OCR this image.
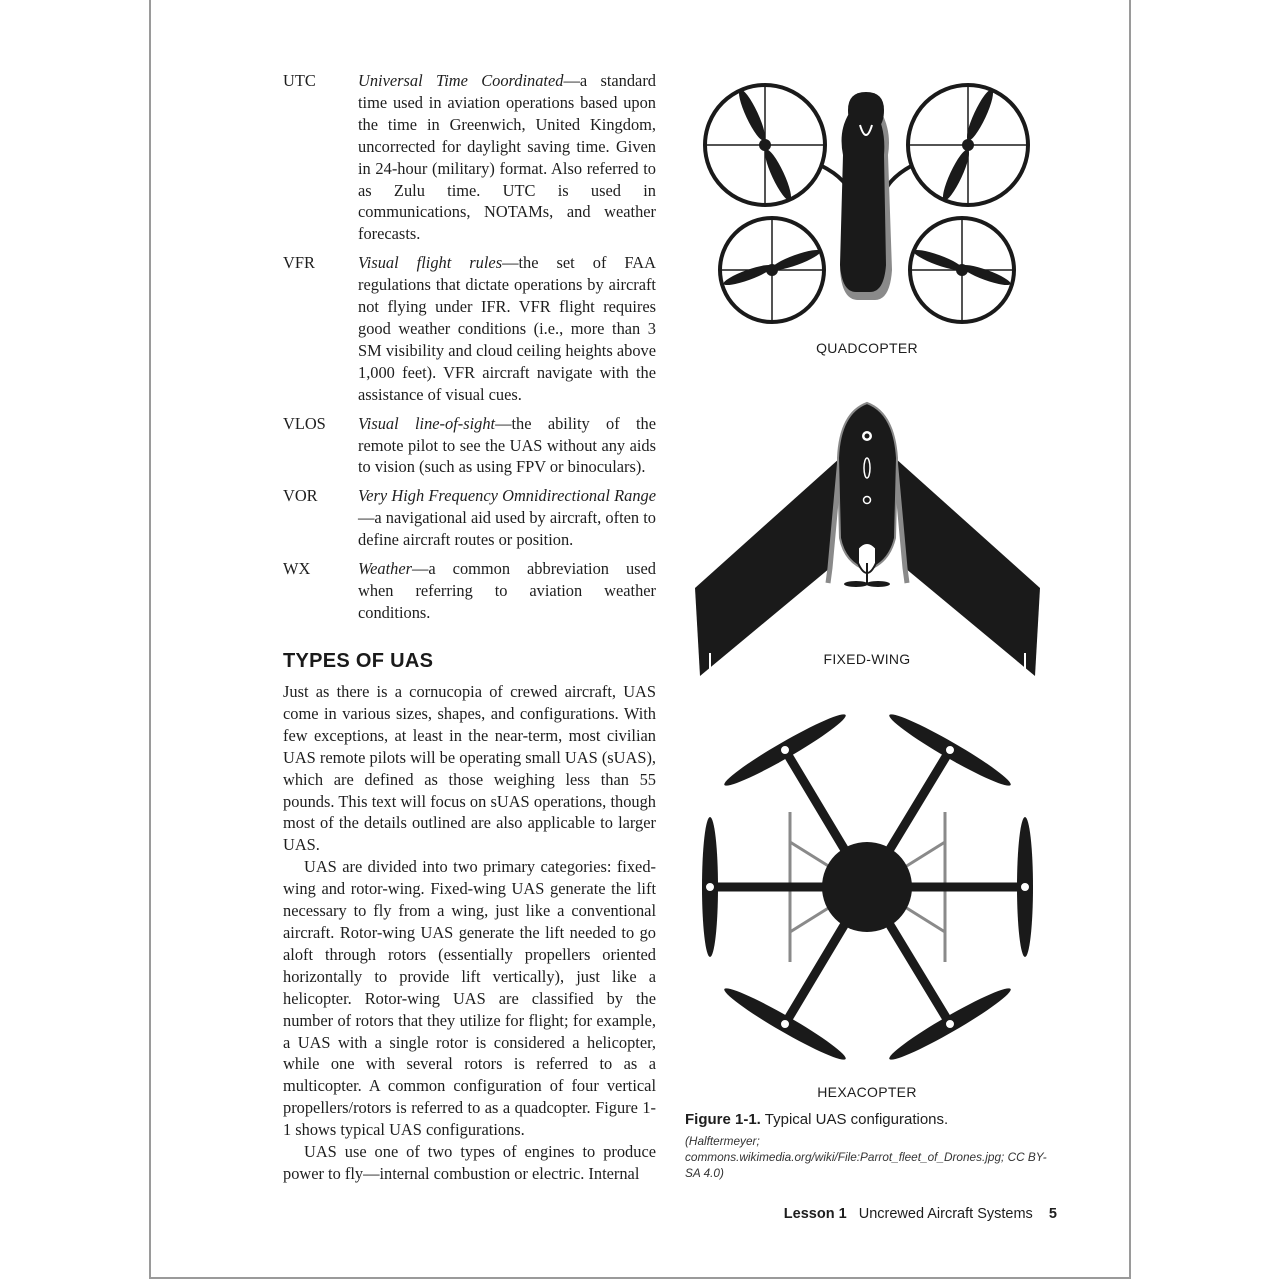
UTC	Universal Time Coordinated—a standard time used in aviation operations based upon the time in Greenwich, United Kingdom, uncorrected for daylight saving time. Given in 24-hour (military) format. Also referred to as Zulu time. UTC is used in communications, NOTAMs, and weather forecasts.
VFR	Visual flight rules—the set of FAA regulations that dictate operations by aircraft not flying under IFR. VFR flight requires good weather conditions (i.e., more than 3 SM visibility and cloud ceiling heights above 1,000 feet). VFR aircraft navigate with the assistance of visual cues.
VLOS	Visual line-of-sight—the ability of the remote pilot to see the UAS without any aids to vision (such as using FPV or binoculars).
VOR	Very High Frequency Omnidirectional Range—a navigational aid used by aircraft, often to define aircraft routes or position.
WX	Weather—a common abbreviation used when referring to aviation weather conditions.
TYPES OF UAS

Just as there is a cornucopia of crewed aircraft, UAS come in various sizes, shapes, and configurations. With few exceptions, at least in the near-term, most civilian UAS remote pilots will be operating small UAS (sUAS), which are defined as those weighing less than 55 pounds. This text will focus on sUAS operations, though most of the details outlined are also applicable to larger UAS.

UAS are divided into two primary categories: fixed-wing and rotor-wing. Fixed-wing UAS generate the lift necessary to fly from a wing, just like a conventional aircraft. Rotor-wing UAS generate the lift needed to go aloft through rotors (essentially propellers oriented horizontally to provide lift vertically), just like a helicopter. Rotor-wing UAS are classified by the number of rotors that they utilize for flight; for example, a UAS with a single rotor is considered a helicopter, while one with several rotors is referred to as a multicopter. A common configuration of four vertical propellers/rotors is referred to as a quadcopter. Figure 1-1 shows typical UAS configurations.

UAS use one of two types of engines to produce power to fly—internal combustion or electric. Internal

QUADCOPTER
FIXED-WING
HEXACOPTER
Figure 1-1. Typical UAS configurations.
(Halftermeyer; commons.wikimedia.org/wiki/File:Parrot_fleet_of_Drones.jpg; CC BY-SA 4.0)
Lesson 1 Uncrewed Aircraft Systems 5
